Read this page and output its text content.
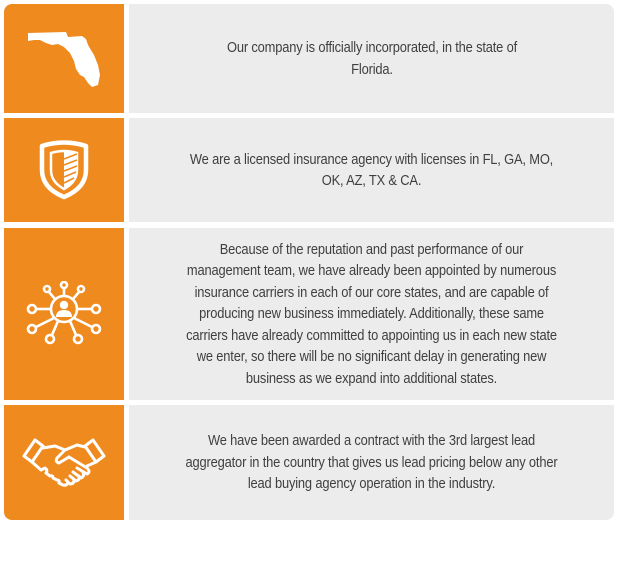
Our company is officially incorporated, in the state of Florida.

We are a licensed insurance agency with licenses in FL, GA, MO, OK, AZ, TX & CA.

Because of the reputation and past performance of our management team, we have already been appointed by numerous insurance carriers in each of our core states, and are capable of producing new business immediately. Additionally, these same carriers have already committed to appointing us in each new state we enter, so there will be no significant delay in generating new business as we expand into additional states.

We have been awarded a contract with the 3rd largest lead aggregator in the country that gives us lead pricing below any other lead buying agency operation in the industry.
